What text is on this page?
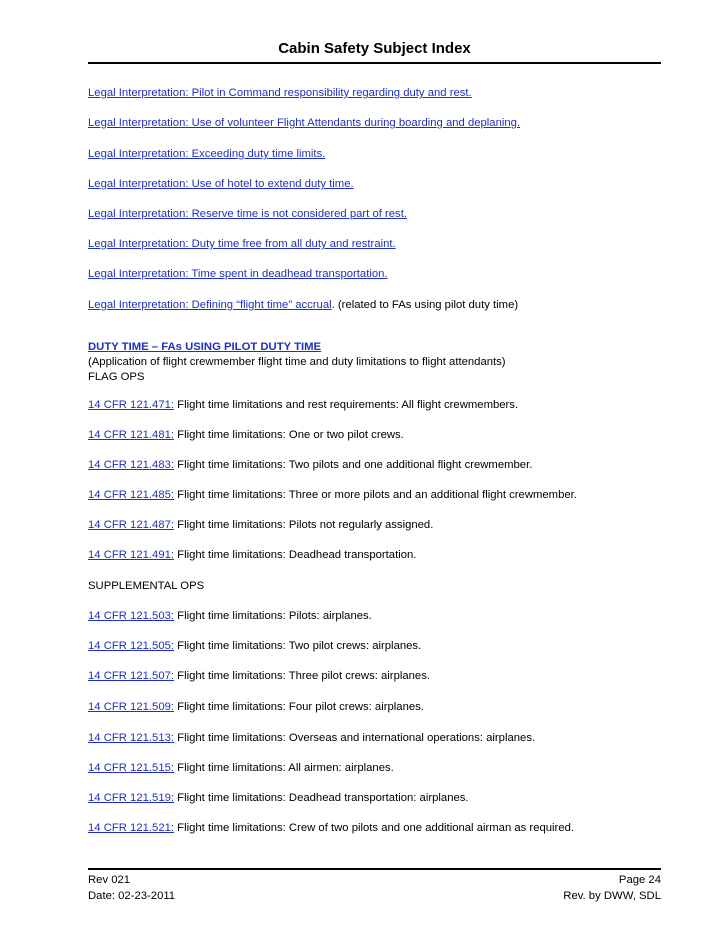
Cabin Safety Subject Index
Legal Interpretation: Pilot in Command responsibility regarding duty and rest.
Legal Interpretation: Use of volunteer Flight Attendants during boarding and deplaning.
Legal Interpretation: Exceeding duty time limits.
Legal Interpretation: Use of hotel to extend duty time.
Legal Interpretation: Reserve time is not considered part of rest.
Legal Interpretation: Duty time free from all duty and restraint.
Legal Interpretation: Time spent in deadhead transportation.
Legal Interpretation: Defining “flight time” accrual. (related to FAs using pilot duty time)
DUTY TIME – FAs USING PILOT DUTY TIME
(Application of flight crewmember flight time and duty limitations to flight attendants)
FLAG OPS
14 CFR 121.471: Flight time limitations and rest requirements: All flight crewmembers.
14 CFR 121.481: Flight time limitations: One or two pilot crews.
14 CFR 121.483: Flight time limitations: Two pilots and one additional flight crewmember.
14 CFR 121.485: Flight time limitations: Three or more pilots and an additional flight crewmember.
14 CFR 121.487: Flight time limitations: Pilots not regularly assigned.
14 CFR 121.491: Flight time limitations: Deadhead transportation.
SUPPLEMENTAL OPS
14 CFR 121.503: Flight time limitations: Pilots: airplanes.
14 CFR 121.505: Flight time limitations: Two pilot crews: airplanes.
14 CFR 121.507: Flight time limitations: Three pilot crews: airplanes.
14 CFR 121.509: Flight time limitations: Four pilot crews: airplanes.
14 CFR 121.513: Flight time limitations: Overseas and international operations: airplanes.
14 CFR 121.515: Flight time limitations: All airmen: airplanes.
14 CFR 121.519: Flight time limitations: Deadhead transportation: airplanes.
14 CFR 121.521: Flight time limitations: Crew of two pilots and one additional airman as required.
Rev 021	Page 24
Date: 02-23-2011	Rev. by DWW, SDL
